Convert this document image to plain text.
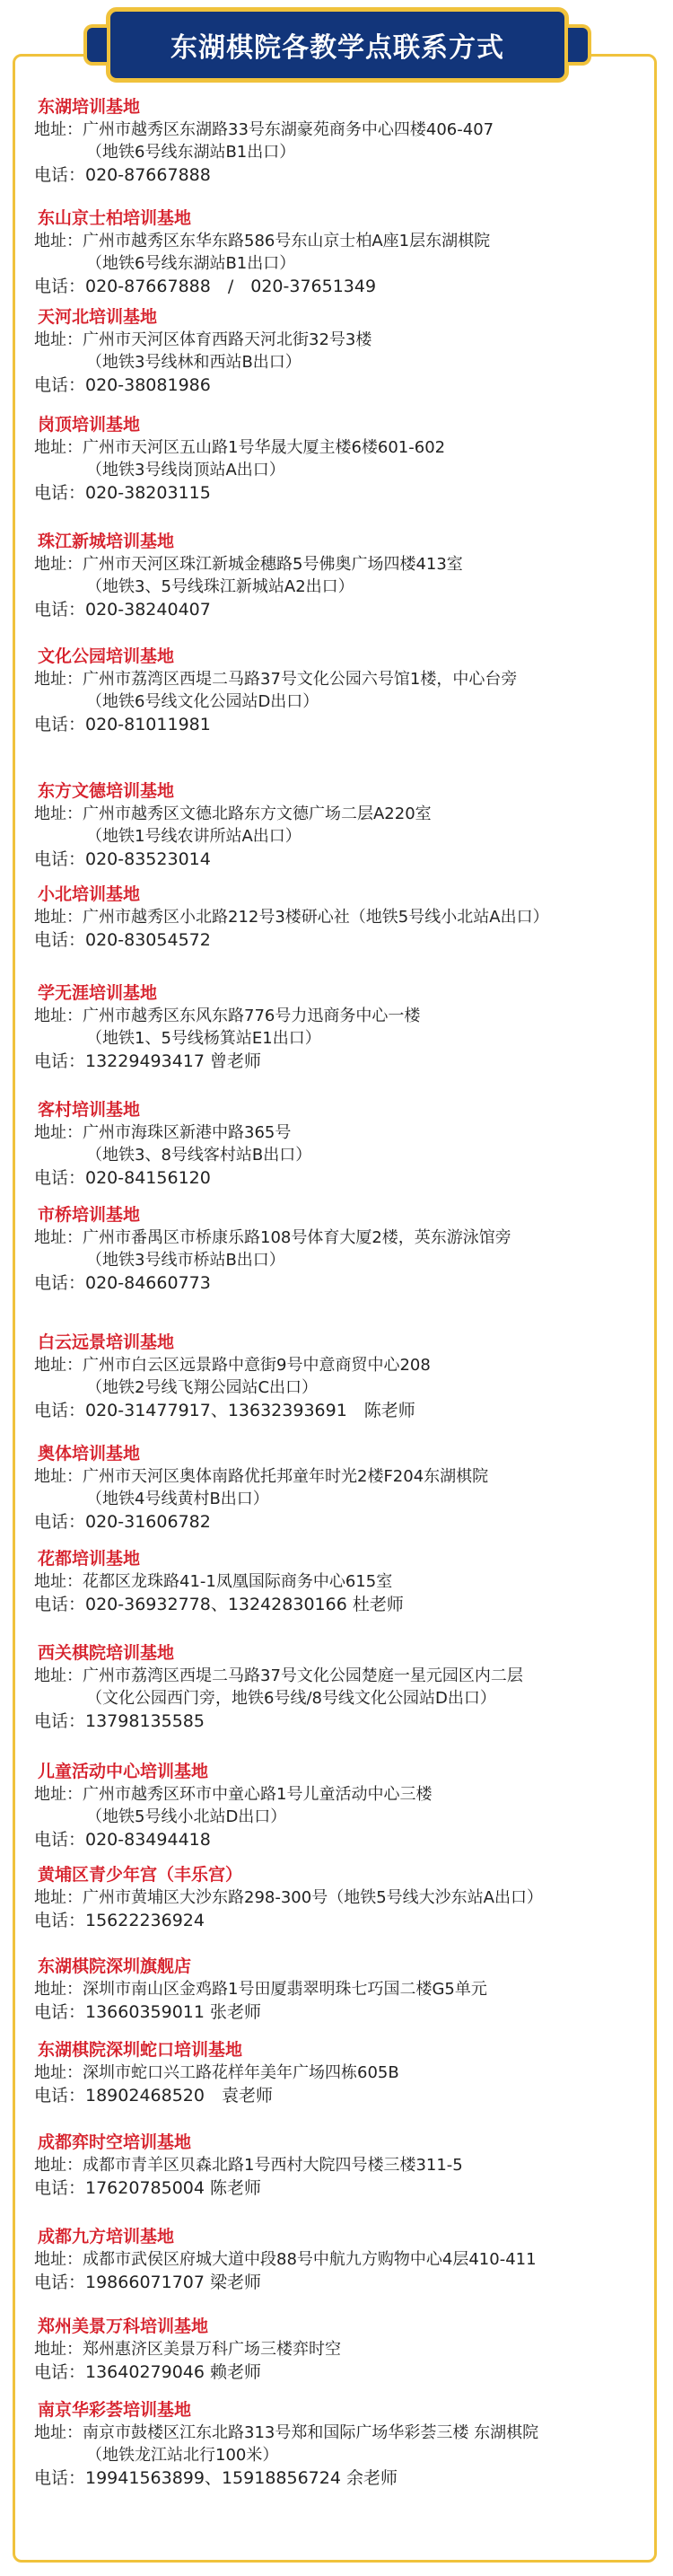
东湖棋院各教学点联系方式
东湖培训基地
地址：广州市越秀区东湖路33号东湖豪苑商务中心四楼406-407
（地铁6号线东湖站B1出口）
电话：020-87667888
东山京士柏培训基地
地址：广州市越秀区东华东路586号东山京士柏A座1层东湖棋院
（地铁6号线东湖站B1出口）
电话：020-87667888　/　020-37651349
天河北培训基地
地址：广州市天河区体育西路天河北街32号3楼
（地铁3号线林和西站B出口）
电话：020-38081986
岗顶培训基地
地址：广州市天河区五山路1号华晟大厦主楼6楼601-602
（地铁3号线岗顶站A出口）
电话：020-38203115
珠江新城培训基地
地址：广州市天河区珠江新城金穗路5号佛奥广场四楼413室
（地铁3、5号线珠江新城站A2出口）
电话：020-38240407
文化公园培训基地
地址：广州市荔湾区西堤二马路37号文化公园六号馆1楼，中心台旁
（地铁6号线文化公园站D出口）
电话：020-81011981
东方文德培训基地
地址：广州市越秀区文德北路东方文德广场二层A220室
（地铁1号线农讲所站A出口）
电话：020-83523014
小北培训基地
地址：广州市越秀区小北路212号3楼研心社（地铁5号线小北站A出口）
电话：020-83054572
学无涯培训基地
地址：广州市越秀区东风东路776号力迅商务中心一楼
（地铁1、5号线杨箕站E1出口）
电话：13229493417 曾老师
客村培训基地
地址：广州市海珠区新港中路365号
（地铁3、8号线客村站B出口）
电话：020-84156120
市桥培训基地
地址：广州市番禺区市桥康乐路108号体育大厦2楼，英东游泳馆旁
（地铁3号线市桥站B出口）
电话：020-84660773
白云远景培训基地
地址：广州市白云区远景路中意街9号中意商贸中心208
（地铁2号线飞翔公园站C出口）
电话：020-31477917、13632393691　陈老师
奥体培训基地
地址：广州市天河区奥体南路优托邦童年时光2楼F204东湖棋院
（地铁4号线黄村B出口）
电话：020-31606782
花都培训基地
地址：花都区龙珠路41-1凤凰国际商务中心615室
电话：020-36932778、13242830166 杜老师
西关棋院培训基地
地址：广州市荔湾区西堤二马路37号文化公园楚庭一星元园区内二层
（文化公园西门旁，地铁6号线/8号线文化公园站D出口）
电话：13798135585
儿童活动中心培训基地
地址：广州市越秀区环市中童心路1号儿童活动中心三楼
（地铁5号线小北站D出口）
电话：020-83494418
黄埔区青少年宫（丰乐宫）
地址：广州市黄埔区大沙东路298-300号（地铁5号线大沙东站A出口）
电话：15622236924
东湖棋院深圳旗舰店
地址：深圳市南山区金鸡路1号田厦翡翠明珠七巧国二楼G5单元
电话：13660359011 张老师
东湖棋院深圳蛇口培训基地
地址：深圳市蛇口兴工路花样年美年广场四栋605B
电话：18902468520　袁老师
成都弈时空培训基地
地址：成都市青羊区贝森北路1号西村大院四号楼三楼311-5
电话：17620785004 陈老师
成都九方培训基地
地址：成都市武侯区府城大道中段88号中航九方购物中心4层410-411
电话：19866071707 梁老师
郑州美景万科培训基地
地址：郑州惠济区美景万科广场三楼弈时空
电话：13640279046 赖老师
南京华彩荟培训基地
地址：南京市鼓楼区江东北路313号郑和国际广场华彩荟三楼 东湖棋院
（地铁龙江站北行100米）
电话：19941563899、15918856724 余老师
